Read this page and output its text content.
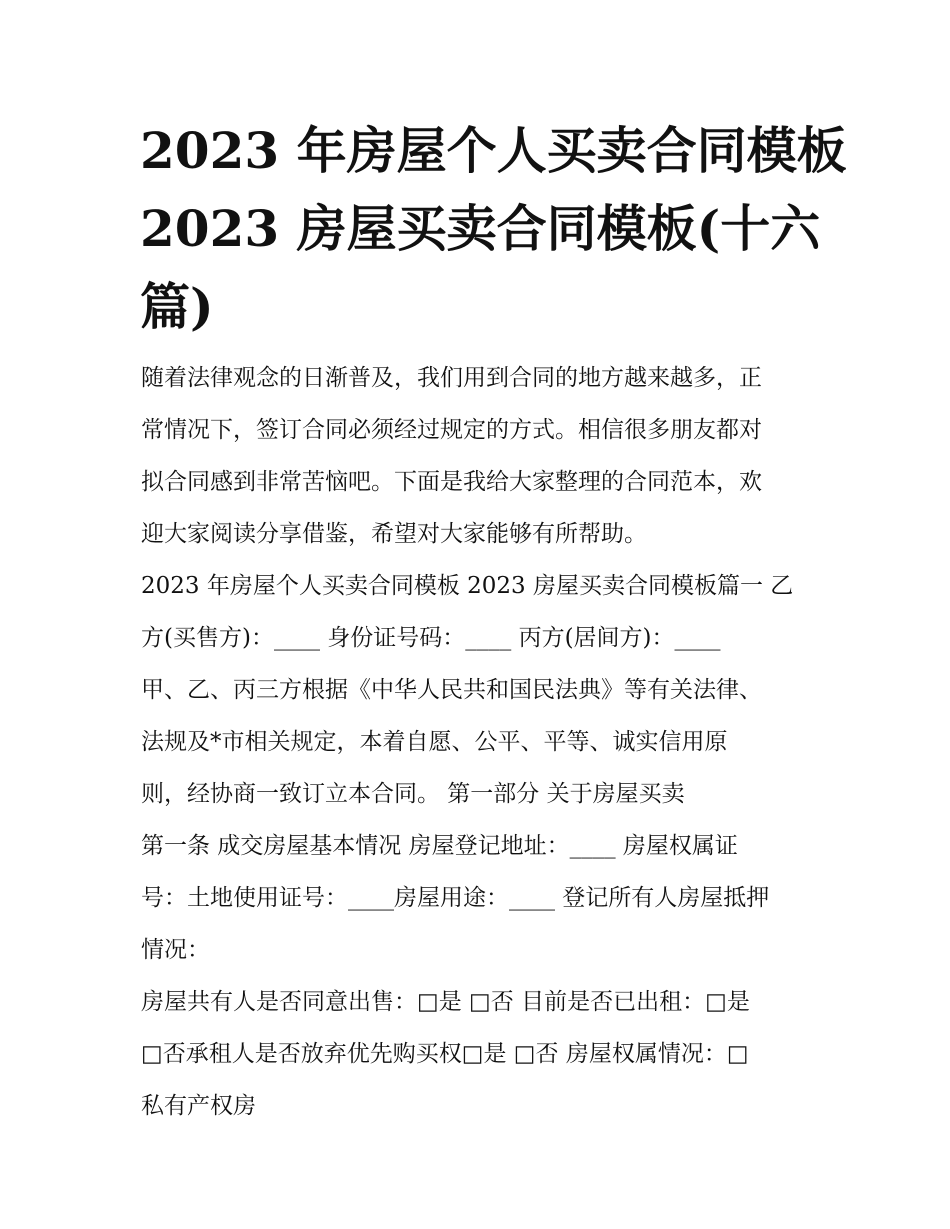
2023 年房屋个人买卖合同模板
2023 房屋买卖合同模板(十六
篇)
随着法律观念的日渐普及，我们用到合同的地方越来越多，正
常情况下，签订合同必须经过规定的方式。相信很多朋友都对
拟合同感到非常苦恼吧。下面是我给大家整理的合同范本，欢
迎大家阅读分享借鉴，希望对大家能够有所帮助。
2023 年房屋个人买卖合同模板 2023 房屋买卖合同模板篇一 乙
方(买售方)：____ 身份证号码：____ 丙方(居间方)：____
甲、乙、丙三方根据《中华人民共和国民法典》等有关法律、
法规及*市相关规定，本着自愿、公平、平等、诚实信用原
则，经协商一致订立本合同。 第一部分 关于房屋买卖
第一条 成交房屋基本情况 房屋登记地址：____ 房屋权属证
号：土地使用证号：____房屋用途：____ 登记所有人房屋抵押
情况：
房屋共有人是否同意出售：□是 □否 目前是否已出租：□是
□否承租人是否放弃优先购买权□是 □否 房屋权属情况：□
私有产权房
